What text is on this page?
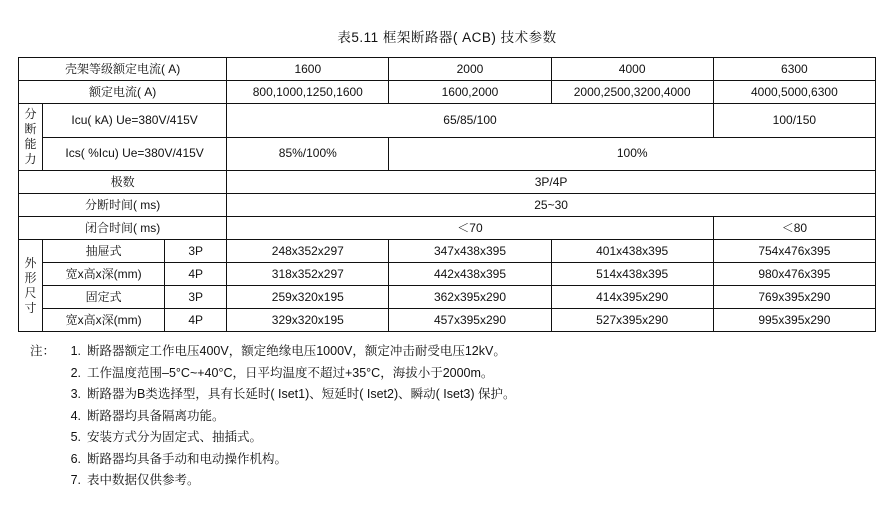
表5.11 框架断路器( ACB) 技术参数
壳架等级额定电流( A)			1600	2000	4000	6300
额定电流( A)			800,1000,1250,1600	1600,2000	2000,2500,3200,4000	4000,5000,6300

分
断
能
力	Icu( kA) Ue=380V/415V		65/85/100			100/150
	Ics( %Icu) Ue=380V/415V		85%/100%	100%		
极数			3P/4P			
分断时间( ms)			25~30			
闭合时间( ms)			＜70			＜80

外
形
尺
寸	抽屉式	3P	248x352x297	347x438x395	401x438x395	754x476x395
	宽x高x深(mm)	4P	318x352x297	442x438x395	514x438x395	980x476x395
	固定式	3P	259x320x195	362x395x290	414x395x290	769x395x290
	宽x高x深(mm)	4P	329x320x195	457x395x290	527x395x290	995x395x290
注：	1. 断路器额定工作电压400V，额定绝缘电压1000V，额定冲击耐受电压12kV。
2. 工作温度范围–5°C~+40°C，日平均温度不超过+35°C，海拔小于2000m。
3. 断路器为B类选择型，具有长延时( Iset1)、短延时( Iset2)、瞬动( Iset3) 保护。
4. 断路器均具备隔离功能。
5. 安装方式分为固定式、抽插式。
6. 断路器均具备手动和电动操作机构。
7. 表中数据仅供参考。
